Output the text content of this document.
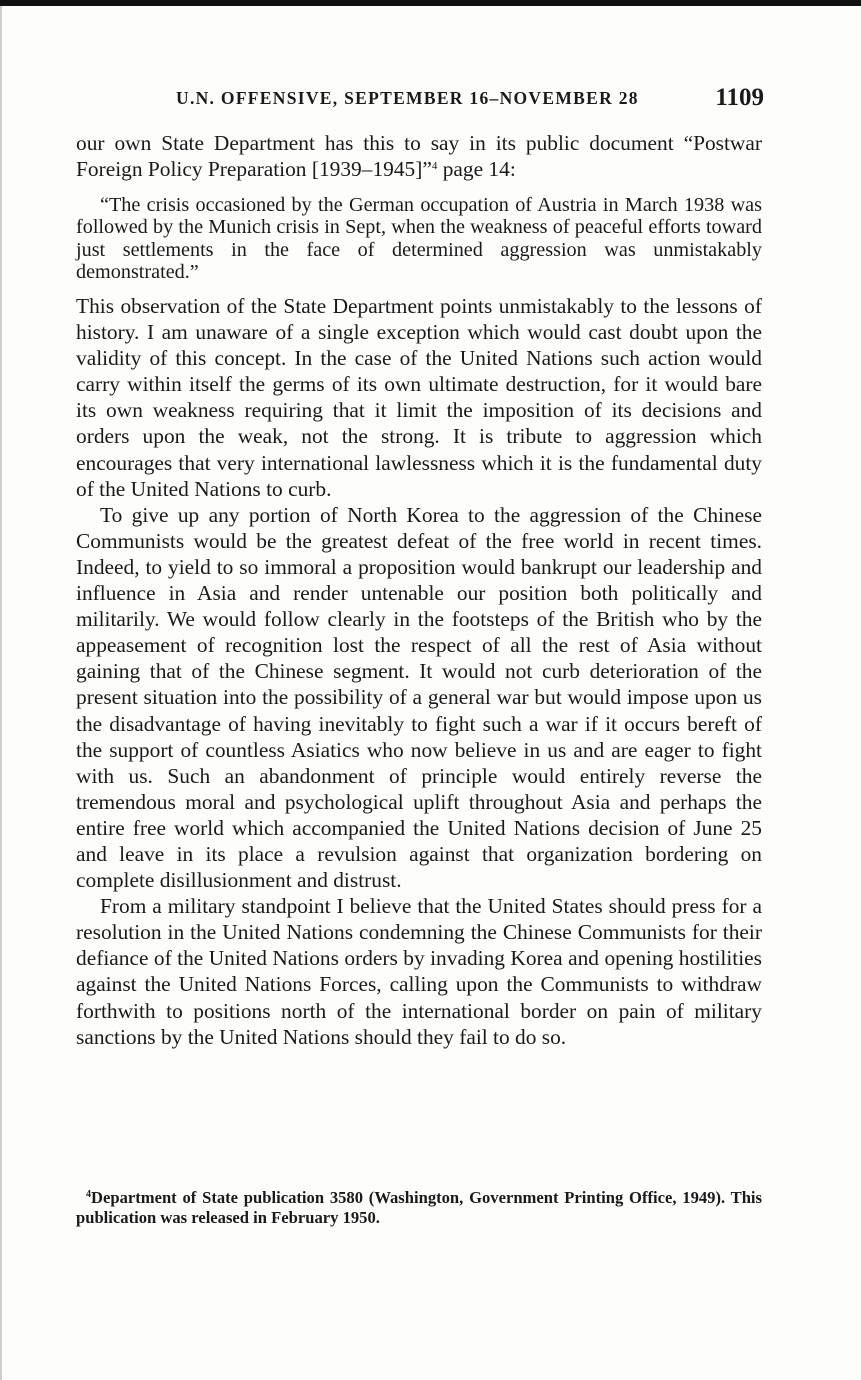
U.N. OFFENSIVE, SEPTEMBER 16–NOVEMBER 28	1109

our own State Department has this to say in its public document “Postwar Foreign Policy Preparation [1939–1945]”$^4$ page 14:

“The crisis occasioned by the German occupation of Austria in March 1938 was followed by the Munich crisis in Sept, when the weakness of peaceful efforts toward just settlements in the face of determined aggression was unmistakably demonstrated.”

This observation of the State Department points unmistakably to the lessons of history. I am unaware of a single exception which would cast doubt upon the validity of this concept. In the case of the United Nations such action would carry within itself the germs of its own ultimate destruction, for it would bare its own weakness requiring that it limit the imposition of its decisions and orders upon the weak, not the strong. It is tribute to aggression which encourages that very international lawlessness which it is the fundamental duty of the United Nations to curb.

To give up any portion of North Korea to the aggression of the Chinese Communists would be the greatest defeat of the free world in recent times. Indeed, to yield to so immoral a proposition would bankrupt our leadership and influence in Asia and render untenable our position both politically and militarily. We would follow clearly in the footsteps of the British who by the appeasement of recognition lost the respect of all the rest of Asia without gaining that of the Chinese segment. It would not curb deterioration of the present situation into the possibility of a general war but would impose upon us the disadvantage of having inevitably to fight such a war if it occurs bereft of the support of countless Asiatics who now believe in us and are eager to fight with us. Such an abandonment of principle would entirely reverse the tremendous moral and psychological uplift throughout Asia and perhaps the entire free world which accompanied the United Nations decision of June 25 and leave in its place a revulsion against that organization bordering on complete disillusionment and distrust.

From a military standpoint I believe that the United States should press for a resolution in the United Nations condemning the Chinese Communists for their defiance of the United Nations orders by invading Korea and opening hostilities against the United Nations Forces, calling upon the Communists to withdraw forthwith to positions north of the international border on pain of military sanctions by the United Nations should they fail to do so.

$^4$Department of State publication 3580 (Washington, Government Printing Office, 1949). This publication was released in February 1950.
